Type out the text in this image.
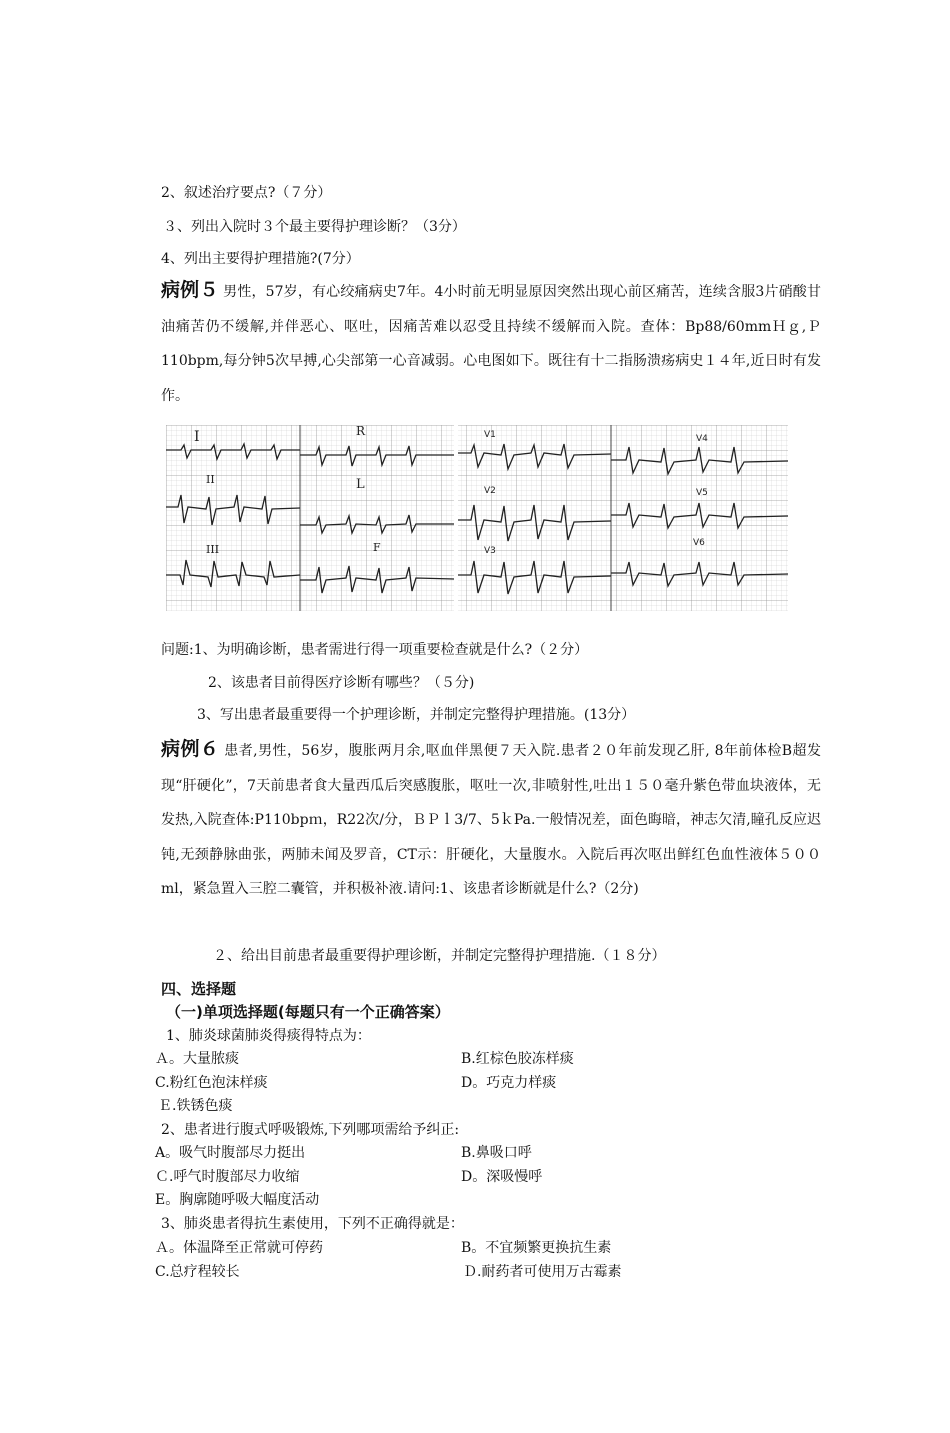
2、叙述治疗要点?（７分）
３、列出入院时３个最主要得护理诊断？（3分）
4、列出主要得护理措施?(7分）
病例５ 男性，57岁，有心绞痛病史7年。4小时前无明显原因突然出现心前区痛苦，连续含服3片硝酸甘油痛苦仍不缓解,并伴恶心、呕吐，因痛苦难以忍受且持续不缓解而入院。查体：Bp88/60mmＨｇ,Ｐ110bpm,每分钟5次早搏,心尖部第一心音减弱。心电图如下。既往有十二指肠溃疡病史１４年,近日时有发作。
I
II
III
R
L
F
V1
V2
V3
V4
V5
V6
问题:1、为明确诊断，患者需进行得一项重要检查就是什么?（２分）
2、该患者目前得医疗诊断有哪些？（５分)
3、写出患者最重要得一个护理诊断，并制定完整得护理措施。(13分）
病例６ 患者,男性，56岁，腹胀两月余,呕血伴黑便７天入院.患者２０年前发现乙肝, 8年前体检B超发现“肝硬化”，7天前患者食大量西瓜后突感腹胀，呕吐一次,非喷射性,吐出１５０毫升紫色带血块液体，无发热,入院查体:P110bpｍ，R22次/分，ＢＰｌ3/7、5ｋPa.一般情况差，面色晦暗，神志欠清,瞳孔反应迟钝,无颈静脉曲张，两肺未闻及罗音，CT示：肝硬化，大量腹水。入院后再次呕出鲜红色血性液体５００ml，紧急置入三腔二囊管，并积极补液.请问:1、该患者诊断就是什么?（2分)
２、给出目前患者最重要得护理诊断，并制定完整得护理措施.（１８分）
四、选择题
（一)单项选择题(每题只有一个正确答案）
1、肺炎球菌肺炎得痰得特点为：
Ａ。大量脓痰	B.红棕色胶冻样痰
C.粉红色泡沫样痰	D。巧克力样痰
Ｅ.铁锈色痰
2、患者进行腹式呼吸锻炼,下列哪项需给予纠正:
A。吸气时腹部尽力挺出	B.鼻吸口呼
Ｃ.呼气时腹部尽力收缩	D。深吸慢呼
E。胸廓随呼吸大幅度活动
3、肺炎患者得抗生素使用，下列不正确得就是：
Ａ。体温降至正常就可停药	B。不宜频繁更换抗生素
C.总疗程较长	Ｄ.耐药者可使用万古霉素
